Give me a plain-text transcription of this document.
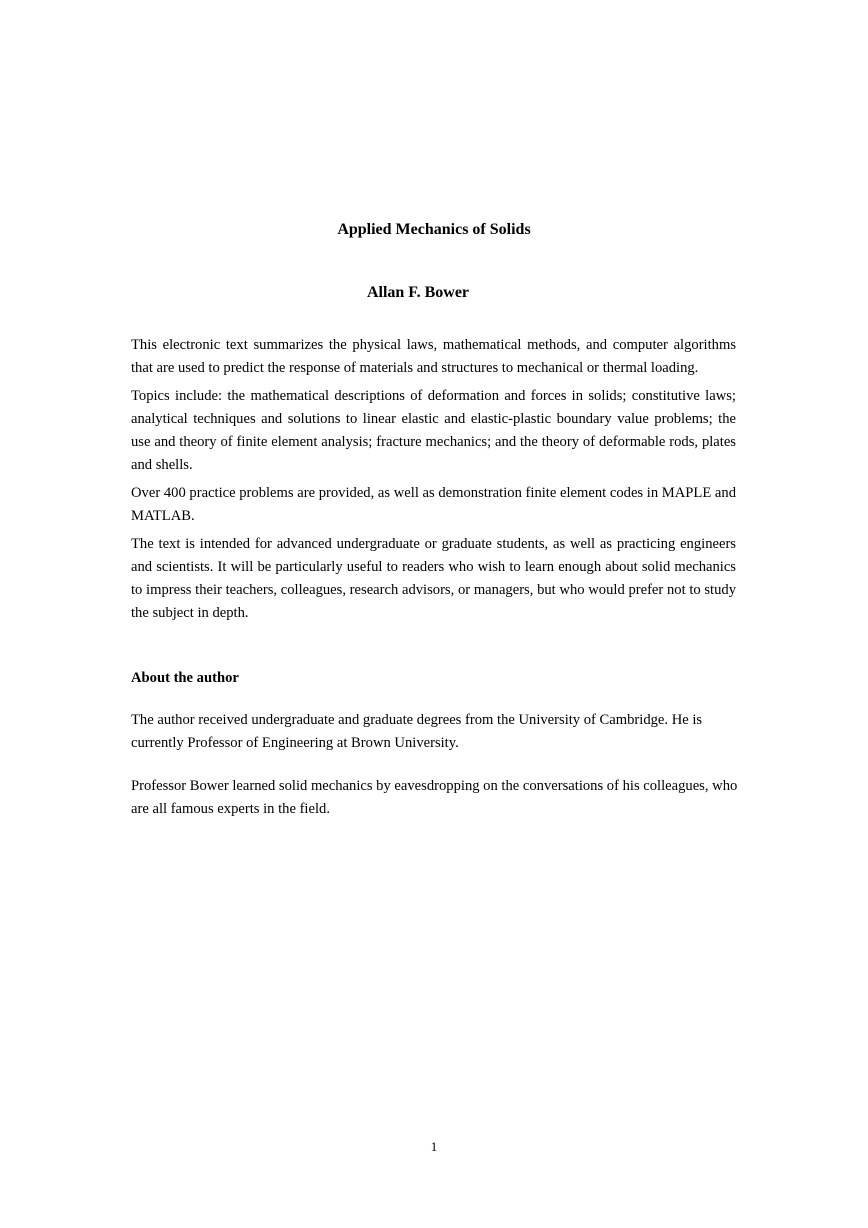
Applied Mechanics of Solids
Allan F. Bower

This electronic text summarizes the physical laws, mathematical methods, and computer algorithms that are used to predict the response of materials and structures to mechanical or thermal loading.

Topics include: the mathematical descriptions of deformation and forces in solids; constitutive laws; analytical techniques and solutions to linear elastic and elastic-plastic boundary value problems; the use and theory of finite element analysis; fracture mechanics; and the theory of deformable rods, plates and shells.

Over 400 practice problems are provided, as well as demonstration finite element codes in MAPLE and MATLAB.

The text is intended for advanced undergraduate or graduate students, as well as practicing engineers and scientists. It will be particularly useful to readers who wish to learn enough about solid mechanics to impress their teachers, colleagues, research advisors, or managers, but who would prefer not to study the subject in depth.

About the author

The author received undergraduate and graduate degrees from the University of Cambridge. He is currently Professor of Engineering at Brown University.

Professor Bower learned solid mechanics by eavesdropping on the conversations of his colleagues, who are all famous experts in the field.

1
